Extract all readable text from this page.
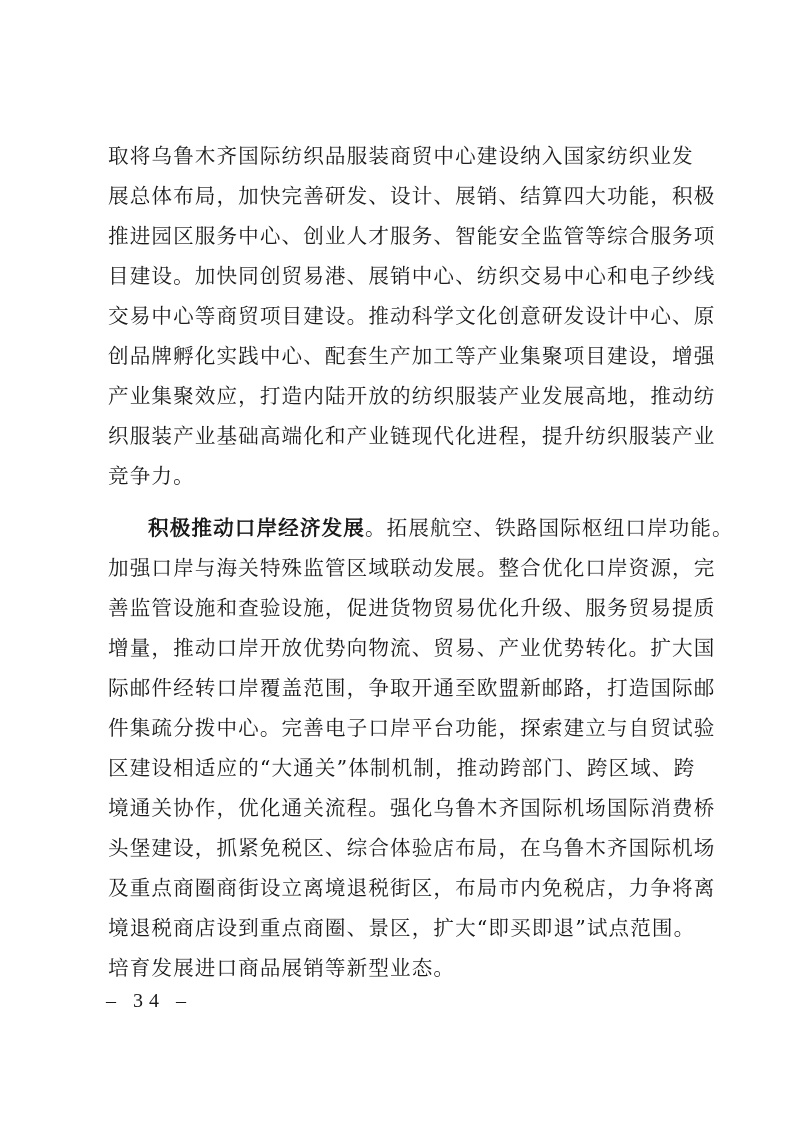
取将乌鲁木齐国际纺织品服装商贸中心建设纳入国家纺织业发
展总体布局，加快完善研发、设计、展销、结算四大功能，积极
推进园区服务中心、创业人才服务、智能安全监管等综合服务项
目建设。加快同创贸易港、展销中心、纺织交易中心和电子纱线
交易中心等商贸项目建设。推动科学文化创意研发设计中心、原
创品牌孵化实践中心、配套生产加工等产业集聚项目建设，增强
产业集聚效应，打造内陆开放的纺织服装产业发展高地，推动纺
织服装产业基础高端化和产业链现代化进程，提升纺织服装产业
竞争力。
积极推动口岸经济发展。拓展航空、铁路国际枢纽口岸功能。
加强口岸与海关特殊监管区域联动发展。整合优化口岸资源，完
善监管设施和查验设施，促进货物贸易优化升级、服务贸易提质
增量，推动口岸开放优势向物流、贸易、产业优势转化。扩大国
际邮件经转口岸覆盖范围，争取开通至欧盟新邮路，打造国际邮
件集疏分拨中心。完善电子口岸平台功能，探索建立与自贸试验
区建设相适应的“大通关”体制机制，推动跨部门、跨区域、跨
境通关协作，优化通关流程。强化乌鲁木齐国际机场国际消费桥
头堡建设，抓紧免税区、综合体验店布局，在乌鲁木齐国际机场
及重点商圈商街设立离境退税街区，布局市内免税店，力争将离
境退税商店设到重点商圈、景区，扩大“即买即退”试点范围。
培育发展进口商品展销等新型业态。
– 34 –
